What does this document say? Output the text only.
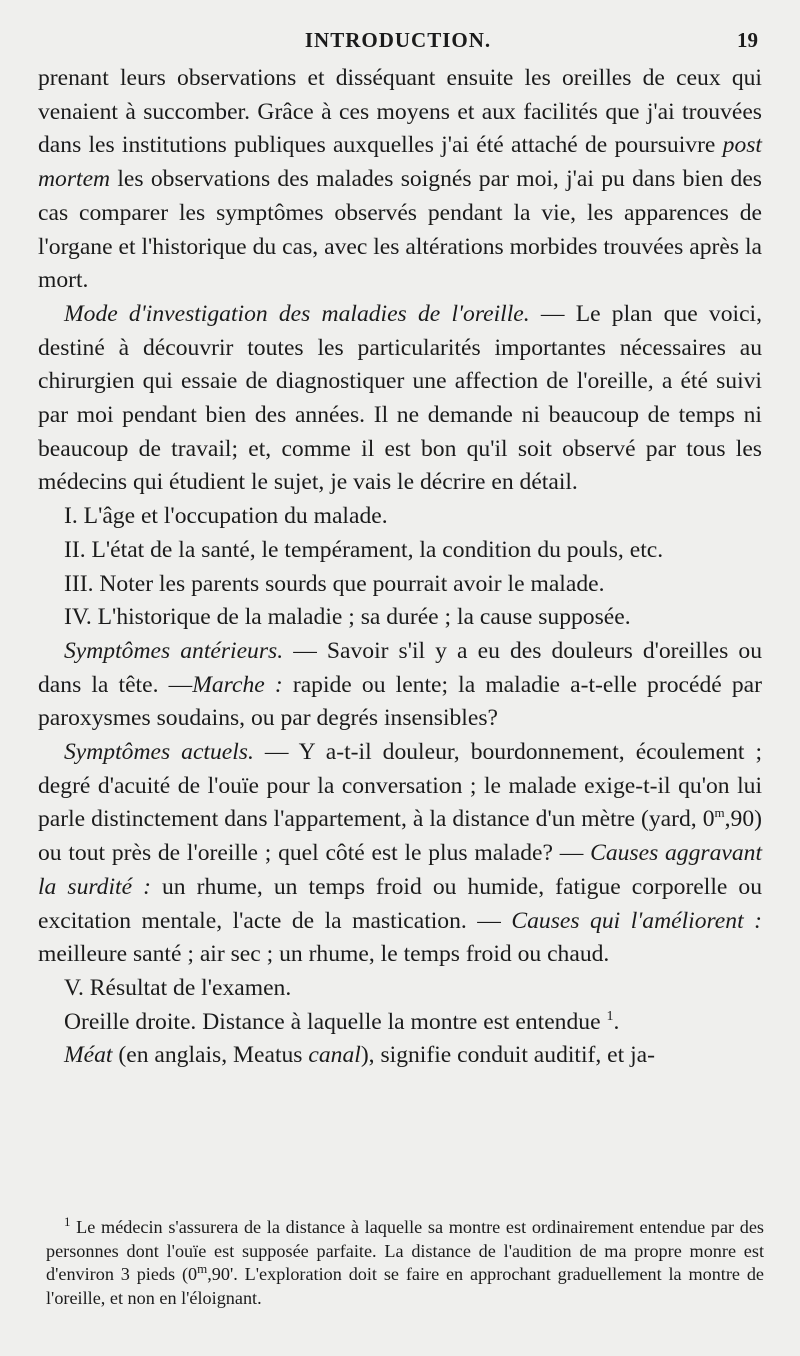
INTRODUCTION.	19

prenant leurs observations et disséquant ensuite les oreilles de ceux qui venaient à succomber. Grâce à ces moyens et aux facilités que j'ai trouvées dans les institutions publiques auxquelles j'ai été attaché de poursuivre post mortem les observations des malades soignés par moi, j'ai pu dans bien des cas comparer les symptômes observés pendant la vie, les apparences de l'organe et l'historique du cas, avec les altérations morbides trouvées après la mort.

Mode d'investigation des maladies de l'oreille. — Le plan que voici, destiné à découvrir toutes les particularités importantes nécessaires au chirurgien qui essaie de diagnostiquer une affection de l'oreille, a été suivi par moi pendant bien des années. Il ne demande ni beaucoup de temps ni beaucoup de travail; et, comme il est bon qu'il soit observé par tous les médecins qui étudient le sujet, je vais le décrire en détail.

I. L'âge et l'occupation du malade.

II. L'état de la santé, le tempérament, la condition du pouls, etc.

III. Noter les parents sourds que pourrait avoir le malade.

IV. L'historique de la maladie ; sa durée ; la cause supposée.

Symptômes antérieurs. — Savoir s'il y a eu des douleurs d'oreilles ou dans la tête. —Marche : rapide ou lente; la maladie a-t-elle procédé par paroxysmes soudains, ou par degrés insensibles?

Symptômes actuels. — Y a-t-il douleur, bourdonnement, écoulement ; degré d'acuité de l'ouïe pour la conversation ; le malade exige-t-il qu'on lui parle distinctement dans l'appartement, à la distance d'un mètre (yard, 0$^m$,90) ou tout près de l'oreille ; quel côté est le plus malade? — Causes aggravant la surdité : un rhume, un temps froid ou humide, fatigue corporelle ou excitation mentale, l'acte de la mastication. — Causes qui l'améliorent : meilleure santé ; air sec ; un rhume, le temps froid ou chaud.

V. Résultat de l'examen.

Oreille droite. Distance à laquelle la montre est entendue $^1$.

Méat (en anglais, Meatus canal), signifie conduit auditif, et ja-

$^1$ Le médecin s'assurera de la distance à laquelle sa montre est ordinairement entendue par des personnes dont l'ouïe est supposée parfaite. La distance de l'audition de ma propre monre est d'environ 3 pieds (0$^m$,90'. L'exploration doit se faire en approchant graduellement la montre de l'oreille, et non en l'éloignant.
